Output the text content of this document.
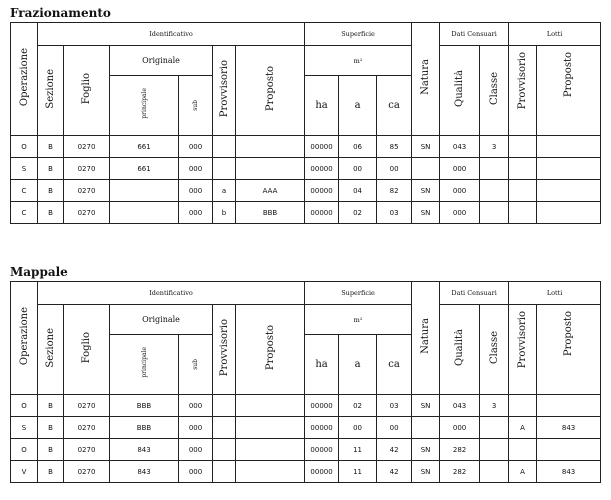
Frazionamento
Operazione	Identificativo						Superficie			Natura	Dati Censuari		Lotti	
	Sezione	Foglio	Originale		Provvisorio	Proposto	m²				Qualità	Classe	Provvisorio	Proposto
			principale	sub			ha	a	ca					
O	B	0270	661	000			00000	06	85	SN	043	3		
S	B	0270	661	000			00000	00	00		000			
C	B	0270		000	a	AAA	00000	04	82	SN	000			
C	B	0270		000	b	BBB	00000	02	03	SN	000			
Mappale
Operazione	Identificativo						Superficie			Natura	Dati Censuari		Lotti	
	Sezione	Foglio	Originale		Provvisorio	Proposto	m²				Qualità	Classe	Provvisorio	Proposto
			principale	sub			ha	a	ca					
O	B	0270	BBB	000			00000	02	03	SN	043	3		
S	B	0270	BBB	000			00000	00	00		000		A	843
O	B	0270	843	000			00000	11	42	SN	282			
V	B	0270	843	000			00000	11	42	SN	282		A	843
